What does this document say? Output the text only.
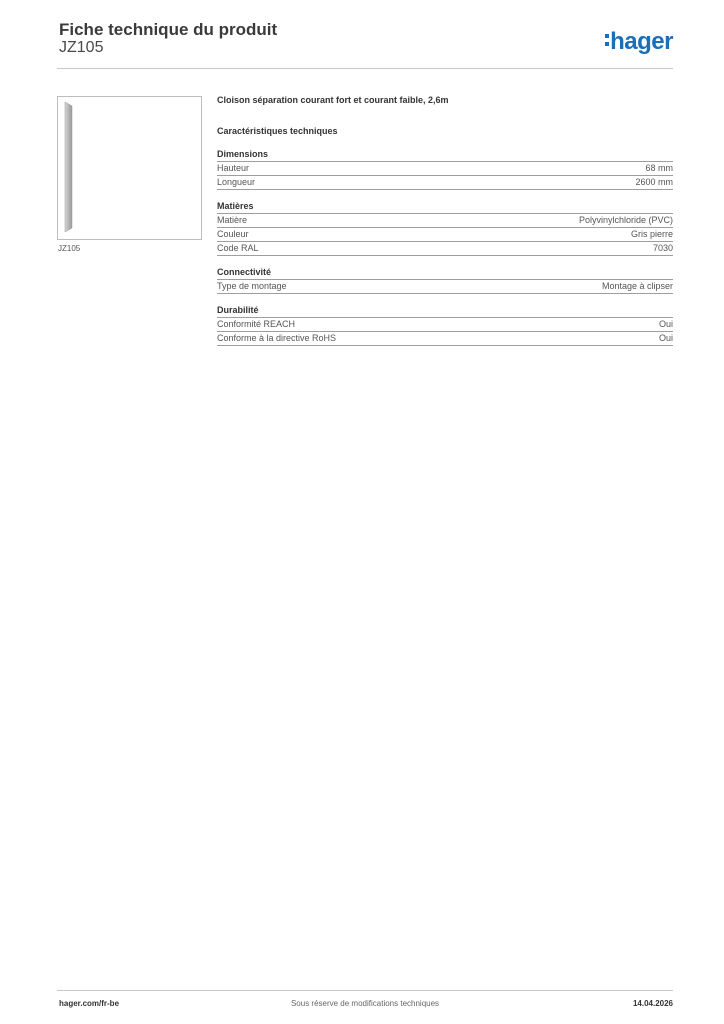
Fiche technique du produit
JZ105	hager
JZ105
Cloison séparation courant fort et courant faible, 2,6m
Caractéristiques techniques
Dimensions
Hauteur	68 mm
Longueur	2600 mm
Matières
Matière	Polyvinylchloride (PVC)
Couleur	Gris pierre
Code RAL	7030
Connectivité
Type de montage	Montage à clipser
Durabilité
Conformité REACH	Oui
Conforme à la directive RoHS	Oui
hager.com/fr-be	Sous réserve de modifications techniques	14.04.2026
